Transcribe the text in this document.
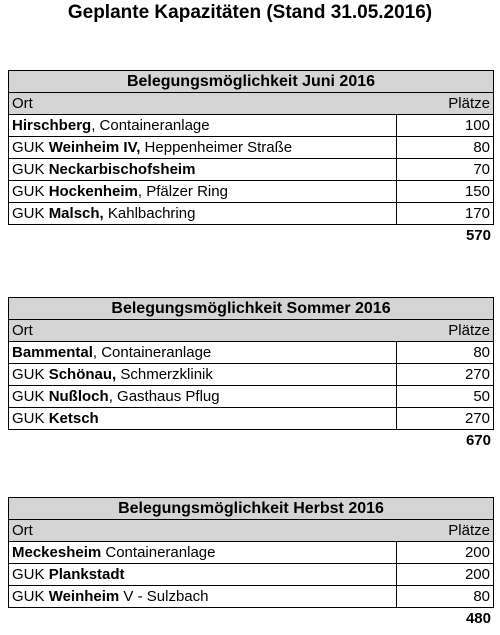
Geplante Kapazitäten (Stand 31.05.2016)
Belegungsmöglichkeit Juni 2016	
Ort	Plätze
Hirschberg, Containeranlage	100
GUK Weinheim IV, Heppenheimer Straße	80
GUK Neckarbischofsheim	70
GUK Hockenheim, Pfälzer Ring	150
GUK Malsch, Kahlbachring	170
570
Belegungsmöglichkeit Sommer 2016	
Ort	Plätze
Bammental, Containeranlage	80
GUK Schönau, Schmerzklinik	270
GUK Nußloch, Gasthaus Pflug	50
GUK Ketsch	270
670
Belegungsmöglichkeit Herbst 2016	
Ort	Plätze
Meckesheim Containeranlage	200
GUK Plankstadt	200
GUK Weinheim V - Sulzbach	80
480
